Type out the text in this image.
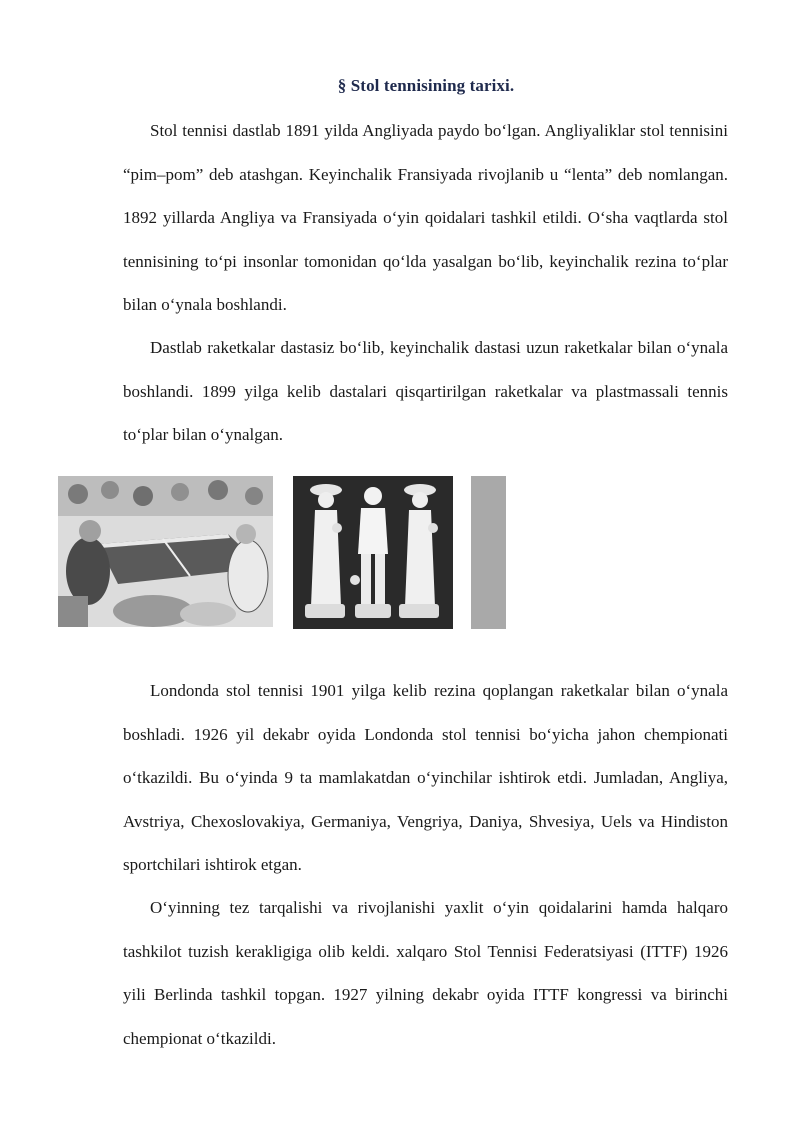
§ Stol tennisining tarixi.

Stol tennisi dastlab 1891 yilda Angliyada paydo bo‘lgan. Angliyaliklar stol tennisini “pim–pom” deb atashgan. Keyinchalik Fransiyada rivojlanib u “lenta” deb nomlangan. 1892 yillarda Angliya va Fransiyada o‘yin qoidalari tashkil etildi. O‘sha vaqtlarda stol tennisining to‘pi insonlar tomonidan qo‘lda yasalgan bo‘lib, keyinchalik rezina to‘plar bilan o‘ynala boshlandi.

Dastlab raketkalar dastasiz bo‘lib, keyinchalik dastasi uzun raketkalar bilan o‘ynala boshlandi. 1899 yilga kelib dastalari qisqartirilgan raketkalar va plastmassali tennis to‘plar bilan o‘ynalgan.

Londonda stol tennisi 1901 yilga kelib rezina qoplangan raketkalar bilan o‘ynala boshladi. 1926 yil dekabr oyida Londonda stol tennisi bo‘yicha jahon chempionati o‘tkazildi. Bu o‘yinda 9 ta mamlakatdan o‘yinchilar ishtirok etdi. Jumladan, Angliya, Avstriya, Chexoslovakiya, Germaniya, Vengriya, Daniya, Shvesiya, Uels va Hindiston sportchilari ishtirok etgan.

O‘yinning tez tarqalishi va rivojlanishi yaxlit o‘yin qoidalarini hamda halqaro tashkilot tuzish kerakligiga olib keldi. xalqaro Stol Tennisi Federatsiyasi (ITTF) 1926 yili Berlinda tashkil topgan. 1927 yilning dekabr oyida ITTF kongressi va birinchi chempionat o‘tkazildi.
